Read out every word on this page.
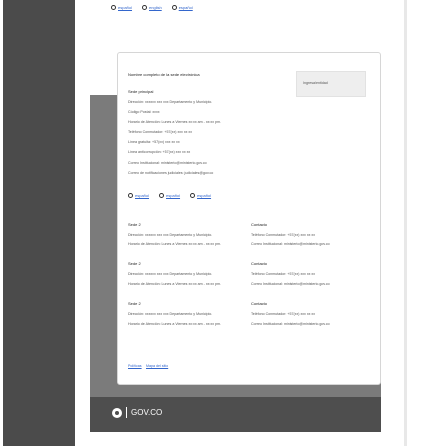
español	english	español
GOV.CO
Nombre completo de la sede electrónica
Ingresa/entidad
Sede principal
Dirección: xxxxxx xxx xxx Departamento y Municipio.
Código Postal: xxxx
Horario de Atención: Lunes a Viernes xx:xx am - xx:xx pm.
Teléfono Conmutador: +57(xx) xxx xx xx
Línea gratuita: +57(xx) xxx xx xx
Línea anticorrupción: +57(xx) xxx xx xx
Correo Institucional: ministerio@ministerio.gov.co
Correo de notificaciones judiciales: judiciales@gov.co
español	español	español
Sede 2
Dirección: xxxxxx xxx xxx Departamento y Municipio.
Horario de Atención: Lunes a Viernes xx:xx am - xx:xx pm.
Contacto
Teléfono Conmutador: +57(xx) xxx xx xx
Correo Institucional: ministerio@ministerio.gov.co
Sede 2
Dirección: xxxxxx xxx xxx Departamento y Municipio.
Horario de Atención: Lunes a Viernes xx:xx am - xx:xx pm.
Contacto
Teléfono Conmutador: +57(xx) xxx xx xx
Correo Institucional: ministerio@ministerio.gov.co
Sede 2
Dirección: xxxxxx xxx xxx Departamento y Municipio.
Horario de Atención: Lunes a Viernes xx:xx am - xx:xx pm.
Contacto
Teléfono Conmutador: +57(xx) xxx xx xx
Correo Institucional: ministerio@ministerio.gov.co
Políticas Mapa del sitio
